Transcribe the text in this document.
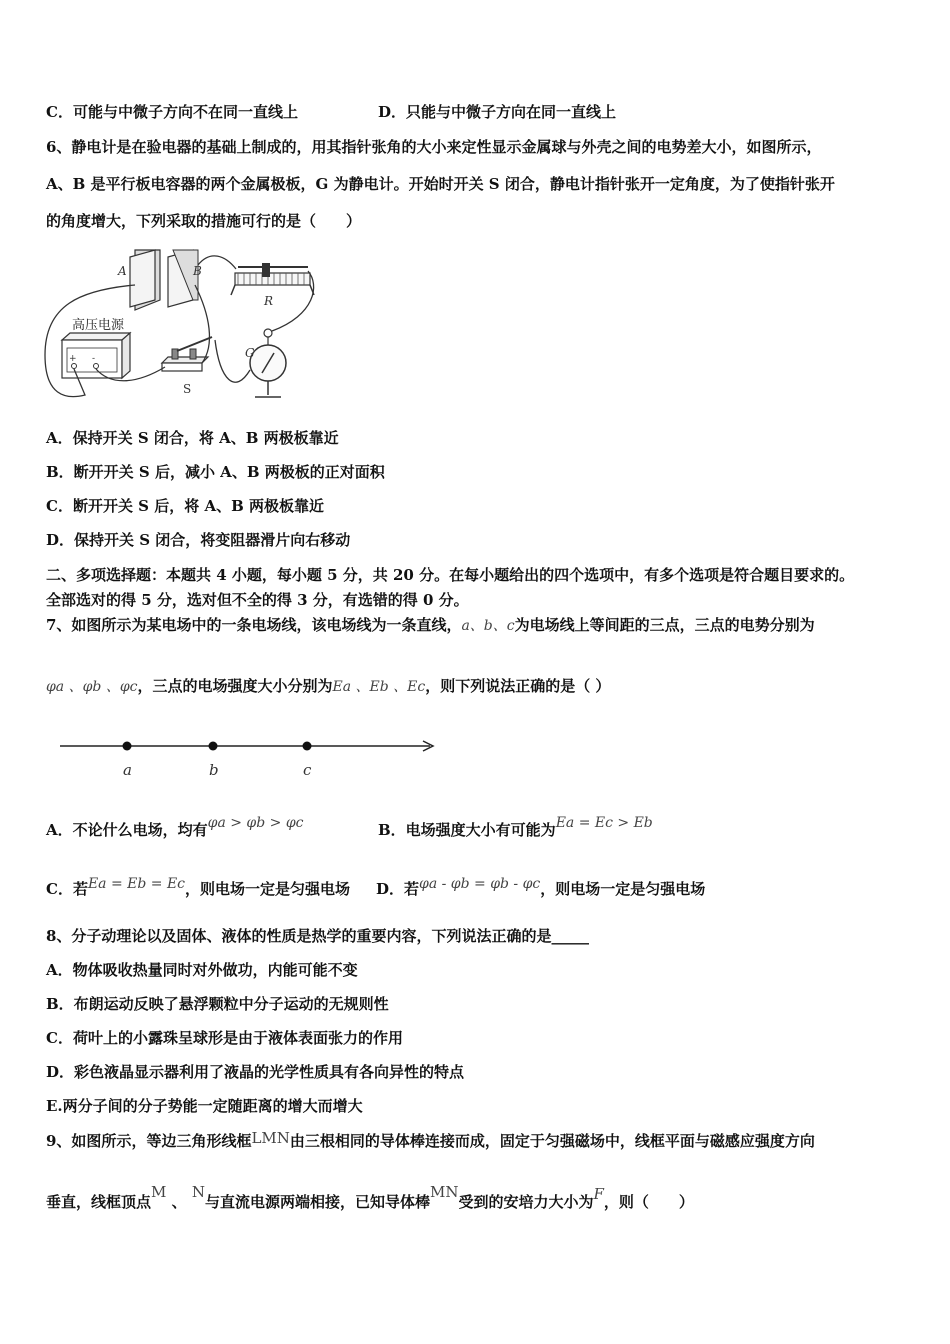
C．可能与中微子方向不在同一直线上	D．只能与中微子方向在同一直线上
6、静电计是在验电器的基础上制成的，用其指针张角的大小来定性显示金属球与外壳之间的电势差大小，如图所示，
A、B 是平行板电容器的两个金属极板，G 为静电计。开始时开关 S 闭合，静电计指针张开一定角度，为了使指针张开
的角度增大，下列采取的措施可行的是（　　）
A	B
R
G
+ -
高压电源
S
A．保持开关 S 闭合，将 A、B 两极板靠近
B．断开开关 S 后，减小 A、B 两极板的正对面积
C．断开开关 S 后，将 A、B 两极板靠近
D．保持开关 S 闭合，将变阻器滑片向右移动
二、多项选择题：本题共 4 小题，每小题 5 分，共 20 分。在每小题给出的四个选项中，有多个选项是符合题目要求的。
全部选对的得 5 分，选对但不全的得 3 分，有选错的得 0 分。
7、如图所示为某电场中的一条电场线，该电场线为一条直线，a、b、c为电场线上等间距的三点，三点的电势分别为
φa 、φb 、φc，三点的电场强度大小分别为Ea 、Eb 、Ec，则下列说法正确的是（ ）
a	b	c
A．不论什么电场，均有φa > φb > φc	B．电场强度大小有可能为Ea = Ec > Eb
C．若Ea = Eb = Ec，则电场一定是匀强电场 D．若φa - φb = φb - φc，则电场一定是匀强电场
8、分子动理论以及固体、液体的性质是热学的重要内容，下列说法正确的是_____
A．物体吸收热量同时对外做功，内能可能不变
B．布朗运动反映了悬浮颗粒中分子运动的无规则性
C．荷叶上的小露珠呈球形是由于液体表面张力的作用
D．彩色液晶显示器利用了液晶的光学性质具有各向异性的特点
E.两分子间的分子势能一定随距离的增大而增大
9、如图所示，等边三角形线框LMN由三根相同的导体棒连接而成，固定于匀强磁场中，线框平面与磁感应强度方向
垂直，线框顶点M 、 N与直流电源两端相接，已知导体棒MN受到的安培力大小为F，则（　　）
